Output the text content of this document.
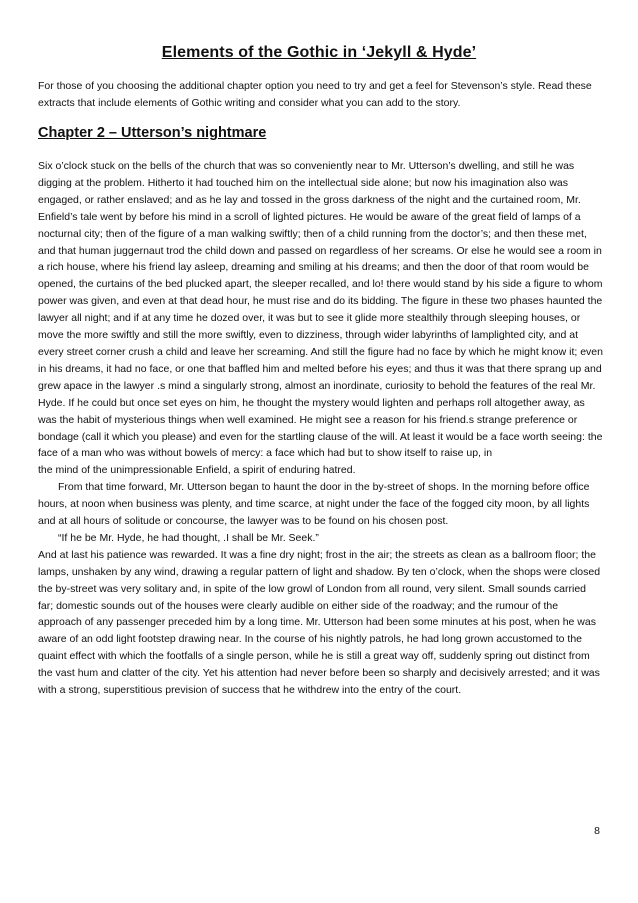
Elements of the Gothic in ‘Jekyll & Hyde’
For those of you choosing the additional chapter option you need to try and get a feel for Stevenson’s style. Read these extracts that include elements of Gothic writing and consider what you can add to the story.
Chapter 2 – Utterson’s nightmare

Six o’clock stuck on the bells of the church that was so conveniently near to Mr. Utterson’s dwelling, and still he was digging at the problem. Hitherto it had touched him on the intellectual side alone; but now his imagination also was engaged, or rather enslaved; and as he lay and tossed in the gross darkness of the night and the curtained room, Mr. Enfield’s tale went by before his mind in a scroll of lighted pictures. He would be aware of the great field of lamps of a nocturnal city; then of the figure of a man walking swiftly; then of a child running from the doctor’s; and then these met, and that human juggernaut trod the child down and passed on regardless of her screams. Or else he would see a room in a rich house, where his friend lay asleep, dreaming and smiling at his dreams; and then the door of that room would be opened, the curtains of the bed plucked apart, the sleeper recalled, and lo! there would stand by his side a figure to whom power was given, and even at that dead hour, he must rise and do its bidding. The figure in these two phases haunted the lawyer all night; and if at any time he dozed over, it was but to see it glide more stealthily through sleeping houses, or move the more swiftly and still the more swiftly, even to dizziness, through wider labyrinths of lamplighted city, and at every street corner crush a child and leave her screaming. And still the figure had no face by which he might know it; even in his dreams, it had no face, or one that baffled him and melted before his eyes; and thus it was that there sprang up and grew apace in the lawyer .s mind a singularly strong, almost an inordinate, curiosity to behold the features of the real Mr. Hyde. If he could but once set eyes on him, he thought the mystery would lighten and perhaps roll altogether away, as was the habit of mysterious things when well examined. He might see a reason for his friend.s strange preference or bondage (call it which you please) and even for the startling clause of the will. At least it would be a face worth seeing: the face of a man who was without bowels of mercy: a face which had but to show itself to raise up, in

the mind of the unimpressionable Enfield, a spirit of enduring hatred.

From that time forward, Mr. Utterson began to haunt the door in the by-street of shops. In the morning before office hours, at noon when business was plenty, and time scarce, at night under the face of the fogged city moon, by all lights and at all hours of solitude or concourse, the lawyer was to be found on his chosen post.

“If he be Mr. Hyde, he had thought, .I shall be Mr. Seek.”

And at last his patience was rewarded. It was a fine dry night; frost in the air; the streets as clean as a ballroom floor; the lamps, unshaken by any wind, drawing a regular pattern of light and shadow. By ten o’clock, when the shops were closed the by-street was very solitary and, in spite of the low growl of London from all round, very silent. Small sounds carried far; domestic sounds out of the houses were clearly audible on either side of the roadway; and the rumour of the approach of any passenger preceded him by a long time. Mr. Utterson had been some minutes at his post, when he was aware of an odd light footstep drawing near. In the course of his nightly patrols, he had long grown accustomed to the quaint effect with which the footfalls of a single person, while he is still a great way off, suddenly spring out distinct from the vast hum and clatter of the city. Yet his attention had never before been so sharply and decisively arrested; and it was with a strong, superstitious prevision of success that he withdrew into the entry of the court.

8
